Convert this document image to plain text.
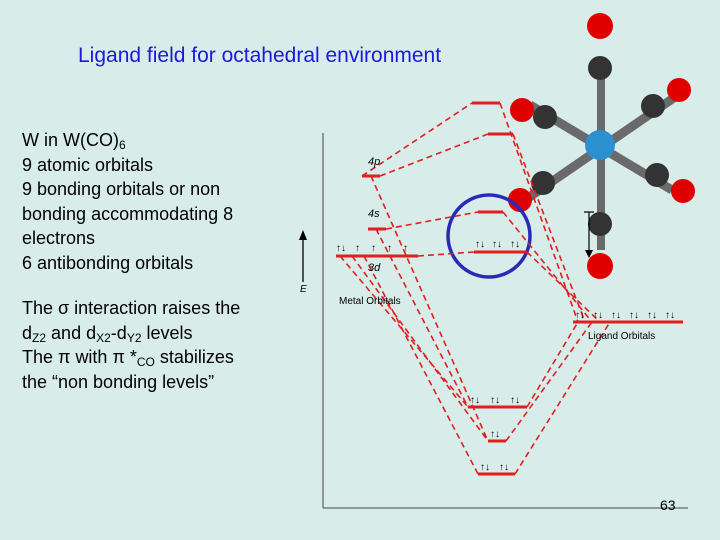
Ligand field for octahedral environment
W in $W(CO)_6$
9 atomic orbitals
9 bonding orbitals or non
bonding accommodating 8
electrons
6 antibonding orbitals
The σ interaction raises the
$d_{Z2}$ and $d_{X2}-d_{Y2}$ levels
The π with π $*_{CO}$ stabilizes
the “non bonding levels”
↑↓ ↑ ↑ ↑ ↑	↑↓ ↑↓ ↑↓
↑↓ ↑↓ ↑↓ ↑↓ ↑↓ ↑↓
↑↓ ↑↓ ↑↓
↑↓
↑↓ ↑↓
4p
4s
3d
E
Metal Orbitals
Ligand Orbitals
63
